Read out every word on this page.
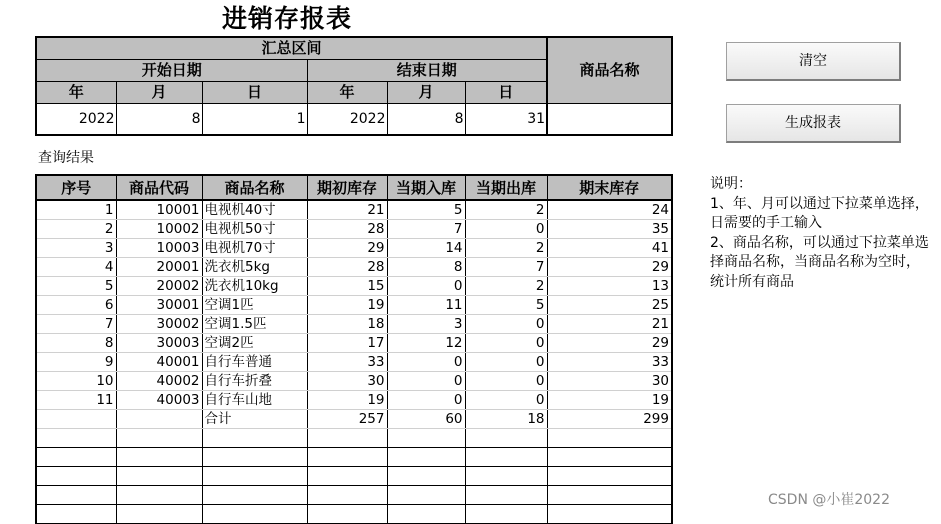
进销存报表
汇总区间						商品名称
开始日期			结束日期			
年	月	日	年	月	日	
2022	8	1	2022	8	31	
清空
生成报表
查询结果
序号	商品代码	商品名称	期初库存	当期入库	当期出库	期末库存
1	10001	电视机40寸	21	5	2	24
2	10002	电视机50寸	28	7	0	35
3	10003	电视机70寸	29	14	2	41
4	20001	洗衣机5kg	28	8	7	29
5	20002	洗衣机10kg	15	0	2	13
6	30001	空调1匹	19	11	5	25
7	30002	空调1.5匹	18	3	0	21
8	30003	空调2匹	17	12	0	29
9	40001	自行车普通	33	0	0	33
10	40002	自行车折叠	30	0	0	30
11	40003	自行车山地	19	0	0	19
		合计	257	60	18	299

说明：
1、年、月可以通过下拉菜单选择，日需要的手工输入
2、商品名称，可以通过下拉菜单选择商品名称，当商品名称为空时，统计所有商品
CSDN @小崔2022
